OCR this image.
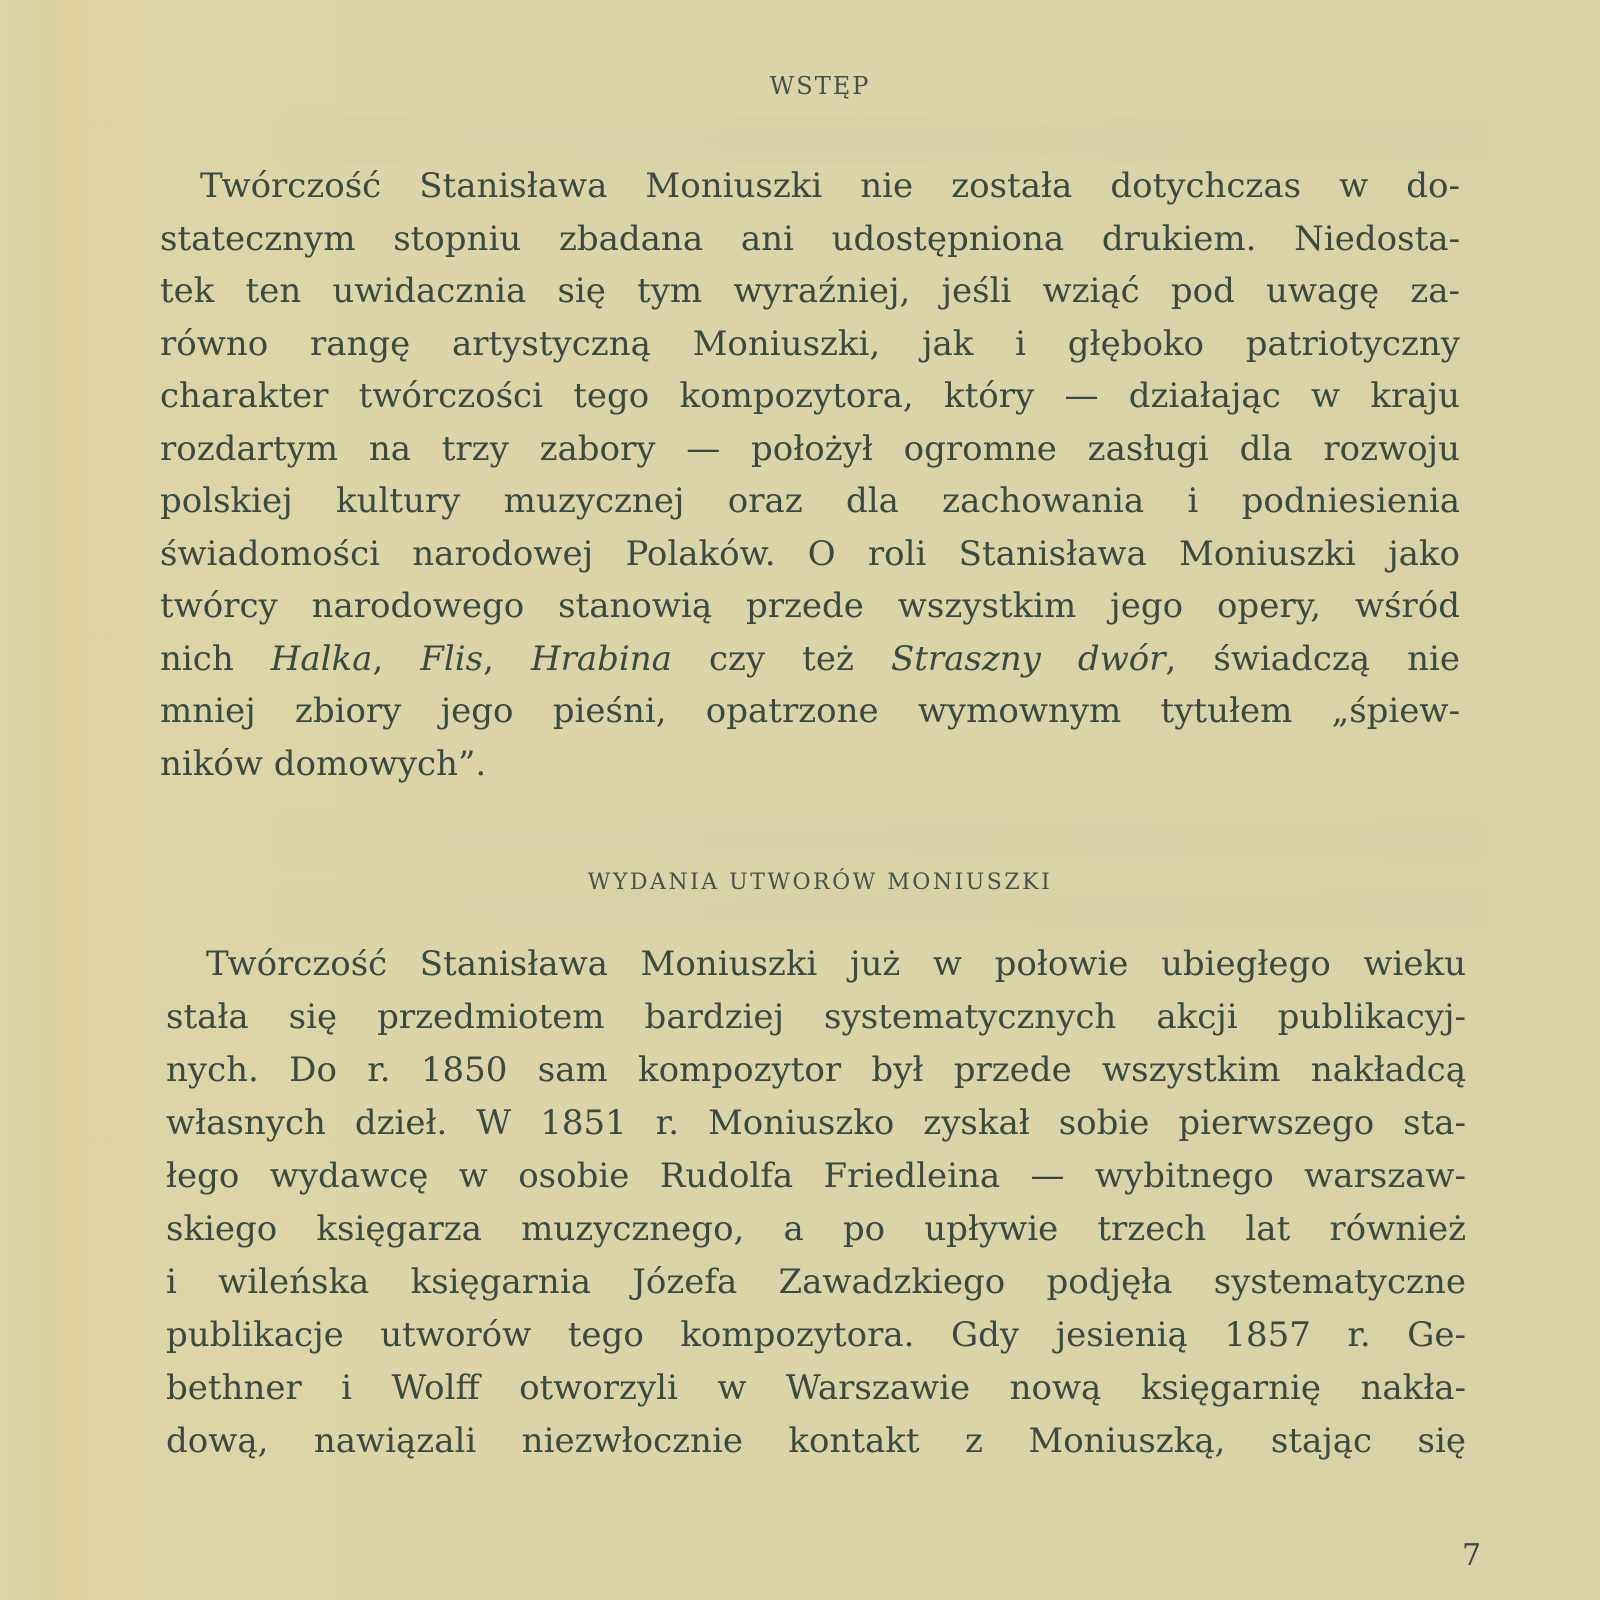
WSTĘP
Twórczość Stanisława Moniuszki nie została dotychczas w do-
statecznym stopniu zbadana ani udostępniona drukiem. Niedosta-
tek ten uwidacznia się tym wyraźniej, jeśli wziąć pod uwagę za-
równo rangę artystyczną Moniuszki, jak i głęboko patriotyczny
charakter twórczości tego kompozytora, który — działając w kraju
rozdartym na trzy zabory — położył ogromne zasługi dla rozwoju
polskiej kultury muzycznej oraz dla zachowania i podniesienia
świadomości narodowej Polaków. O roli Stanisława Moniuszki jako
twórcy narodowego stanowią przede wszystkim jego opery, wśród
nich Halka, Flis, Hrabina czy też Straszny dwór, świadczą nie
mniej zbiory jego pieśni, opatrzone wymownym tytułem „śpiew-
ników domowych”.
WYDANIA UTWORÓW MONIUSZKI
Twórczość Stanisława Moniuszki już w połowie ubiegłego wieku
stała się przedmiotem bardziej systematycznych akcji publikacyj-
nych. Do r. 1850 sam kompozytor był przede wszystkim nakładcą
własnych dzieł. W 1851 r. Moniuszko zyskał sobie pierwszego sta-
łego wydawcę w osobie Rudolfa Friedleina — wybitnego warszaw-
skiego księgarza muzycznego, a po upływie trzech lat również
i wileńska księgarnia Józefa Zawadzkiego podjęła systematyczne
publikacje utworów tego kompozytora. Gdy jesienią 1857 r. Ge-
bethner i Wolff otworzyli w Warszawie nową księgarnię nakła-
dową, nawiązali niezwłocznie kontakt z Moniuszką, stając się
7
